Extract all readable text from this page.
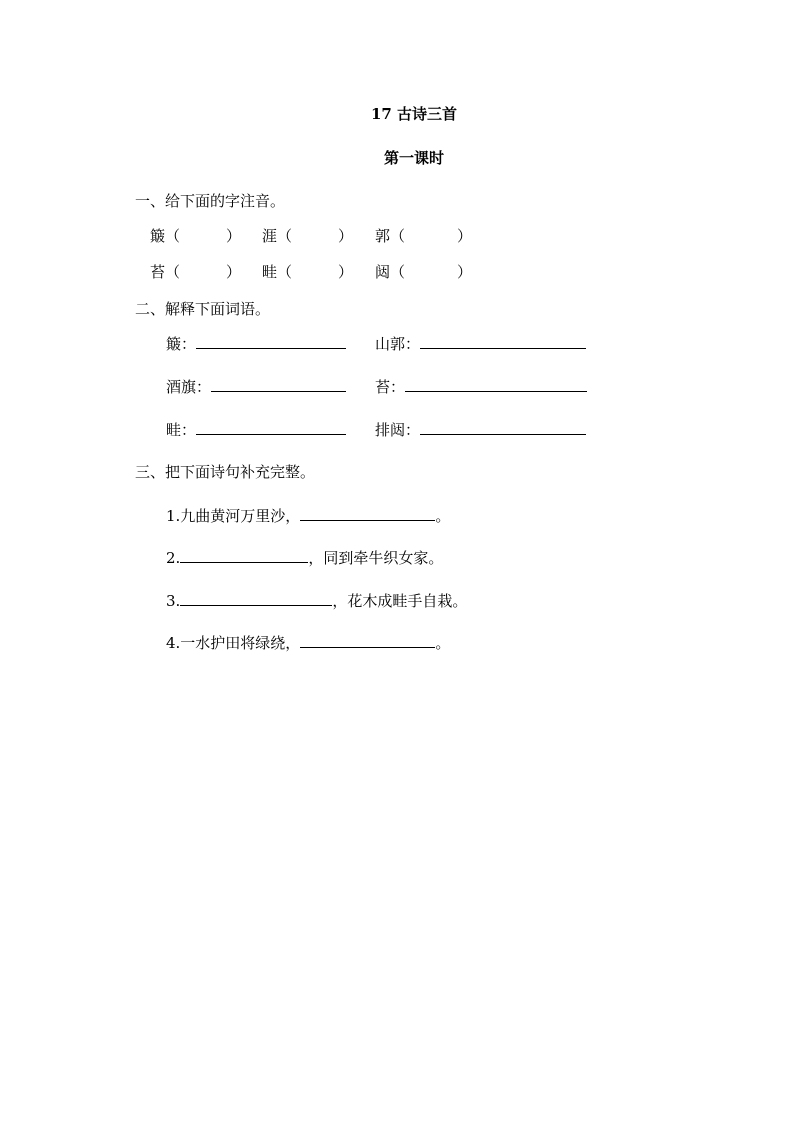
17 古诗三首
第一课时
一、给下面的字注音。
簸（	） 涯（	） 郭（	）
苔（	） 畦（	） 闼（	）
二、解释下面词语。
簸：	山郭：
酒旗：	苔：
畦：	排闼：
三、把下面诗句补充完整。
1.九曲黄河万里沙，	。
2.	，同到牵牛织女家。
3.	，花木成畦手自栽。
4.一水护田将绿绕，	。
